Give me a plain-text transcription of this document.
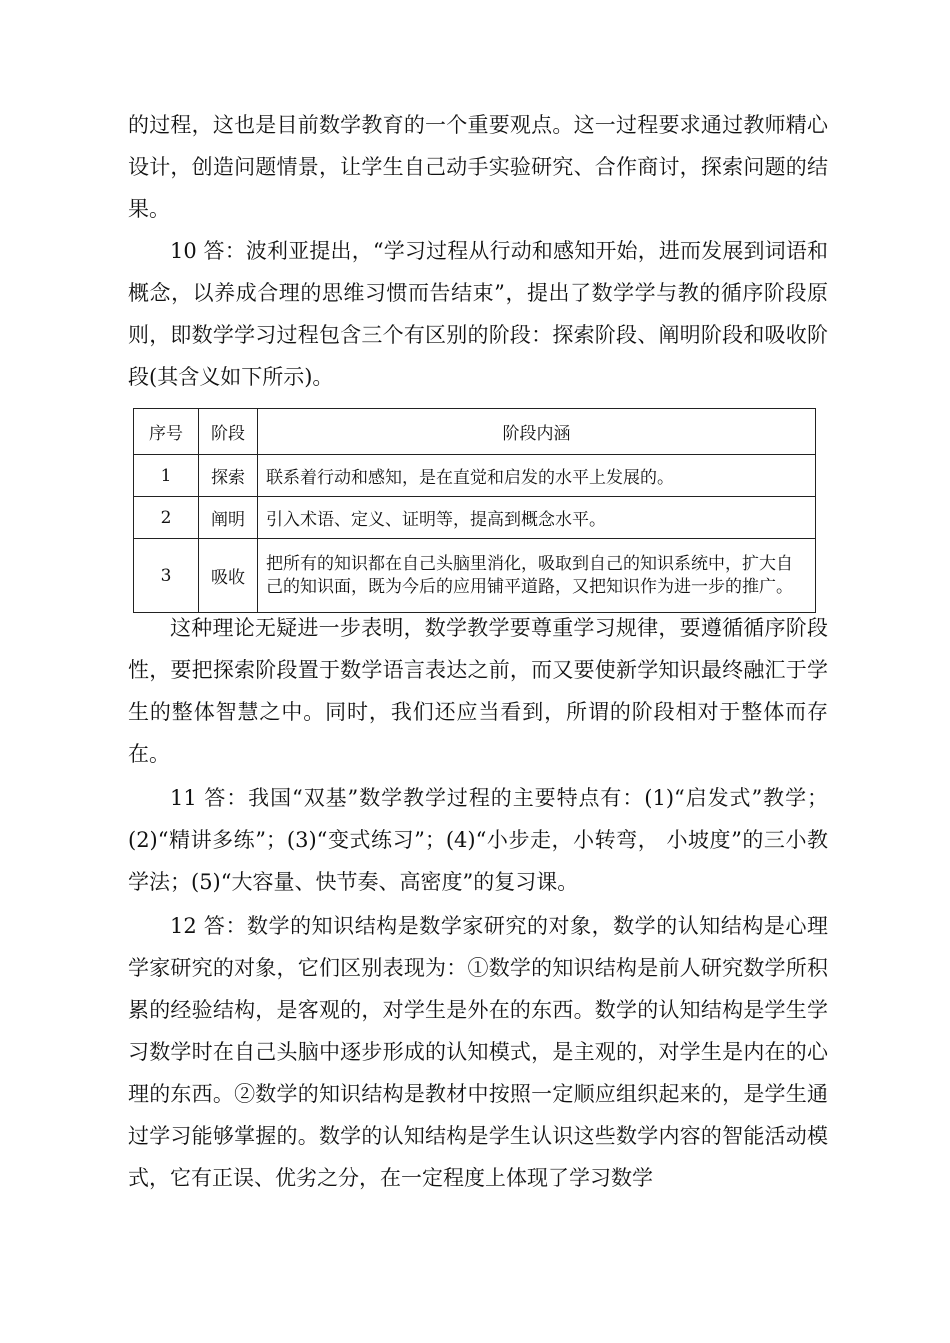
的过程，这也是目前数学教育的一个重要观点。这一过程要求通过教师精心设计，创造问题情景，让学生自己动手实验研究、合作商讨，探索问题的结果。

10 答：波利亚提出，“学习过程从行动和感知开始，进而发展到词语和概念，以养成合理的思维习惯而告结束”，提出了数学学与教的循序阶段原则，即数学学习过程包含三个有区别的阶段：探索阶段、阐明阶段和吸收阶段(其含义如下所示)。

序号	阶段	阶段内涵
1	探索	联系着行动和感知，是在直觉和启发的水平上发展的。
2	阐明	引入术语、定义、证明等，提高到概念水平。
3	吸收	把所有的知识都在自己头脑里消化，吸取到自己的知识系统中，扩大自己的知识面，既为今后的应用铺平道路，又把知识作为进一步的推广。

这种理论无疑进一步表明，数学教学要尊重学习规律，要遵循循序阶段性，要把探索阶段置于数学语言表达之前，而又要使新学知识最终融汇于学生的整体智慧之中。同时，我们还应当看到，所谓的阶段相对于整体而存在。

11 答：我国“双基”数学教学过程的主要特点有：(1)“启发式”教学；(2)“精讲多练”；(3)“变式练习”；(4)“小步走，小转弯， 小坡度”的三小教学法；(5)“大容量、快节奏、高密度”的复习课。

12 答：数学的知识结构是数学家研究的对象，数学的认知结构是心理学家研究的对象，它们区别表现为：①数学的知识结构是前人研究数学所积累的经验结构，是客观的，对学生是外在的东西。数学的认知结构是学生学习数学时在自己头脑中逐步形成的认知模式，是主观的，对学生是内在的心理的东西。②数学的知识结构是教材中按照一定顺应组织起来的，是学生通过学习能够掌握的。数学的认知结构是学生认识这些数学内容的智能活动模式，它有正误、优劣之分，在一定程度上体现了学习数学
